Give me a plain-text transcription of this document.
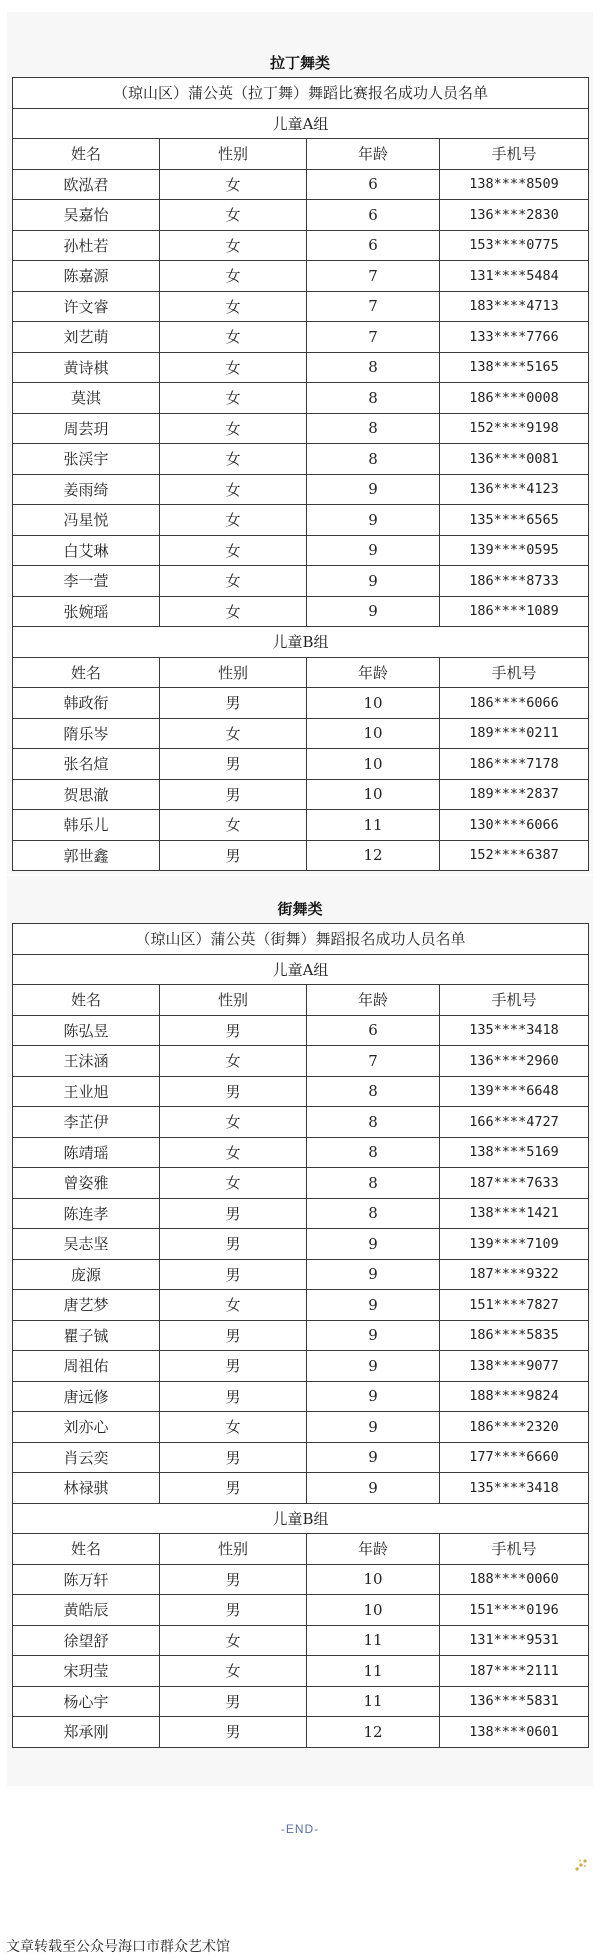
拉丁舞类
（琼山区）蒲公英（拉丁舞）舞蹈比赛报名成功人员名单			
儿童A组			
姓名	性别	年龄	手机号
欧泓君	女	6	138****8509
吴嘉怡	女	6	136****2830
孙杜若	女	6	153****0775
陈嘉源	女	7	131****5484
许文睿	女	7	183****4713
刘艺萌	女	7	133****7766
黄诗棋	女	8	138****5165
莫淇	女	8	186****0008
周芸玥	女	8	152****9198
张渓宇	女	8	136****0081
姜雨绮	女	9	136****4123
冯星悦	女	9	135****6565
白艾琳	女	9	139****0595
李一萱	女	9	186****8733
张婉瑶	女	9	186****1089
儿童B组			
姓名	性别	年龄	手机号
韩政衔	男	10	186****6066
隋乐岑	女	10	189****0211
张名煊	男	10	186****7178
贺思澈	男	10	189****2837
韩乐儿	女	11	130****6066
郭世鑫	男	12	152****6387
街舞类
（琼山区）蒲公英（街舞）舞蹈报名成功人员名单			
儿童A组			
姓名	性别	年龄	手机号
陈弘昱	男	6	135****3418
王沫涵	女	7	136****2960
王业旭	男	8	139****6648
李芷伊	女	8	166****4727
陈靖瑶	女	8	138****5169
曾姿雅	女	8	187****7633
陈连孝	男	8	138****1421
吴志坚	男	9	139****7109
庞源	男	9	187****9322
唐艺梦	女	9	151****7827
瞿子铖	男	9	186****5835
周祖佑	男	9	138****9077
唐远修	男	9	188****9824
刘亦心	女	9	186****2320
肖云奕	男	9	177****6660
林禄骐	男	9	135****3418
儿童B组			
姓名	性别	年龄	手机号
陈万轩	男	10	188****0060
黄皓辰	男	10	151****0196
徐望舒	女	11	131****9531
宋玥莹	女	11	187****2111
杨心宇	男	11	136****5831
郑承刚	男	12	138****0601
-END-
文章转载至公众号海口市群众艺术馆
